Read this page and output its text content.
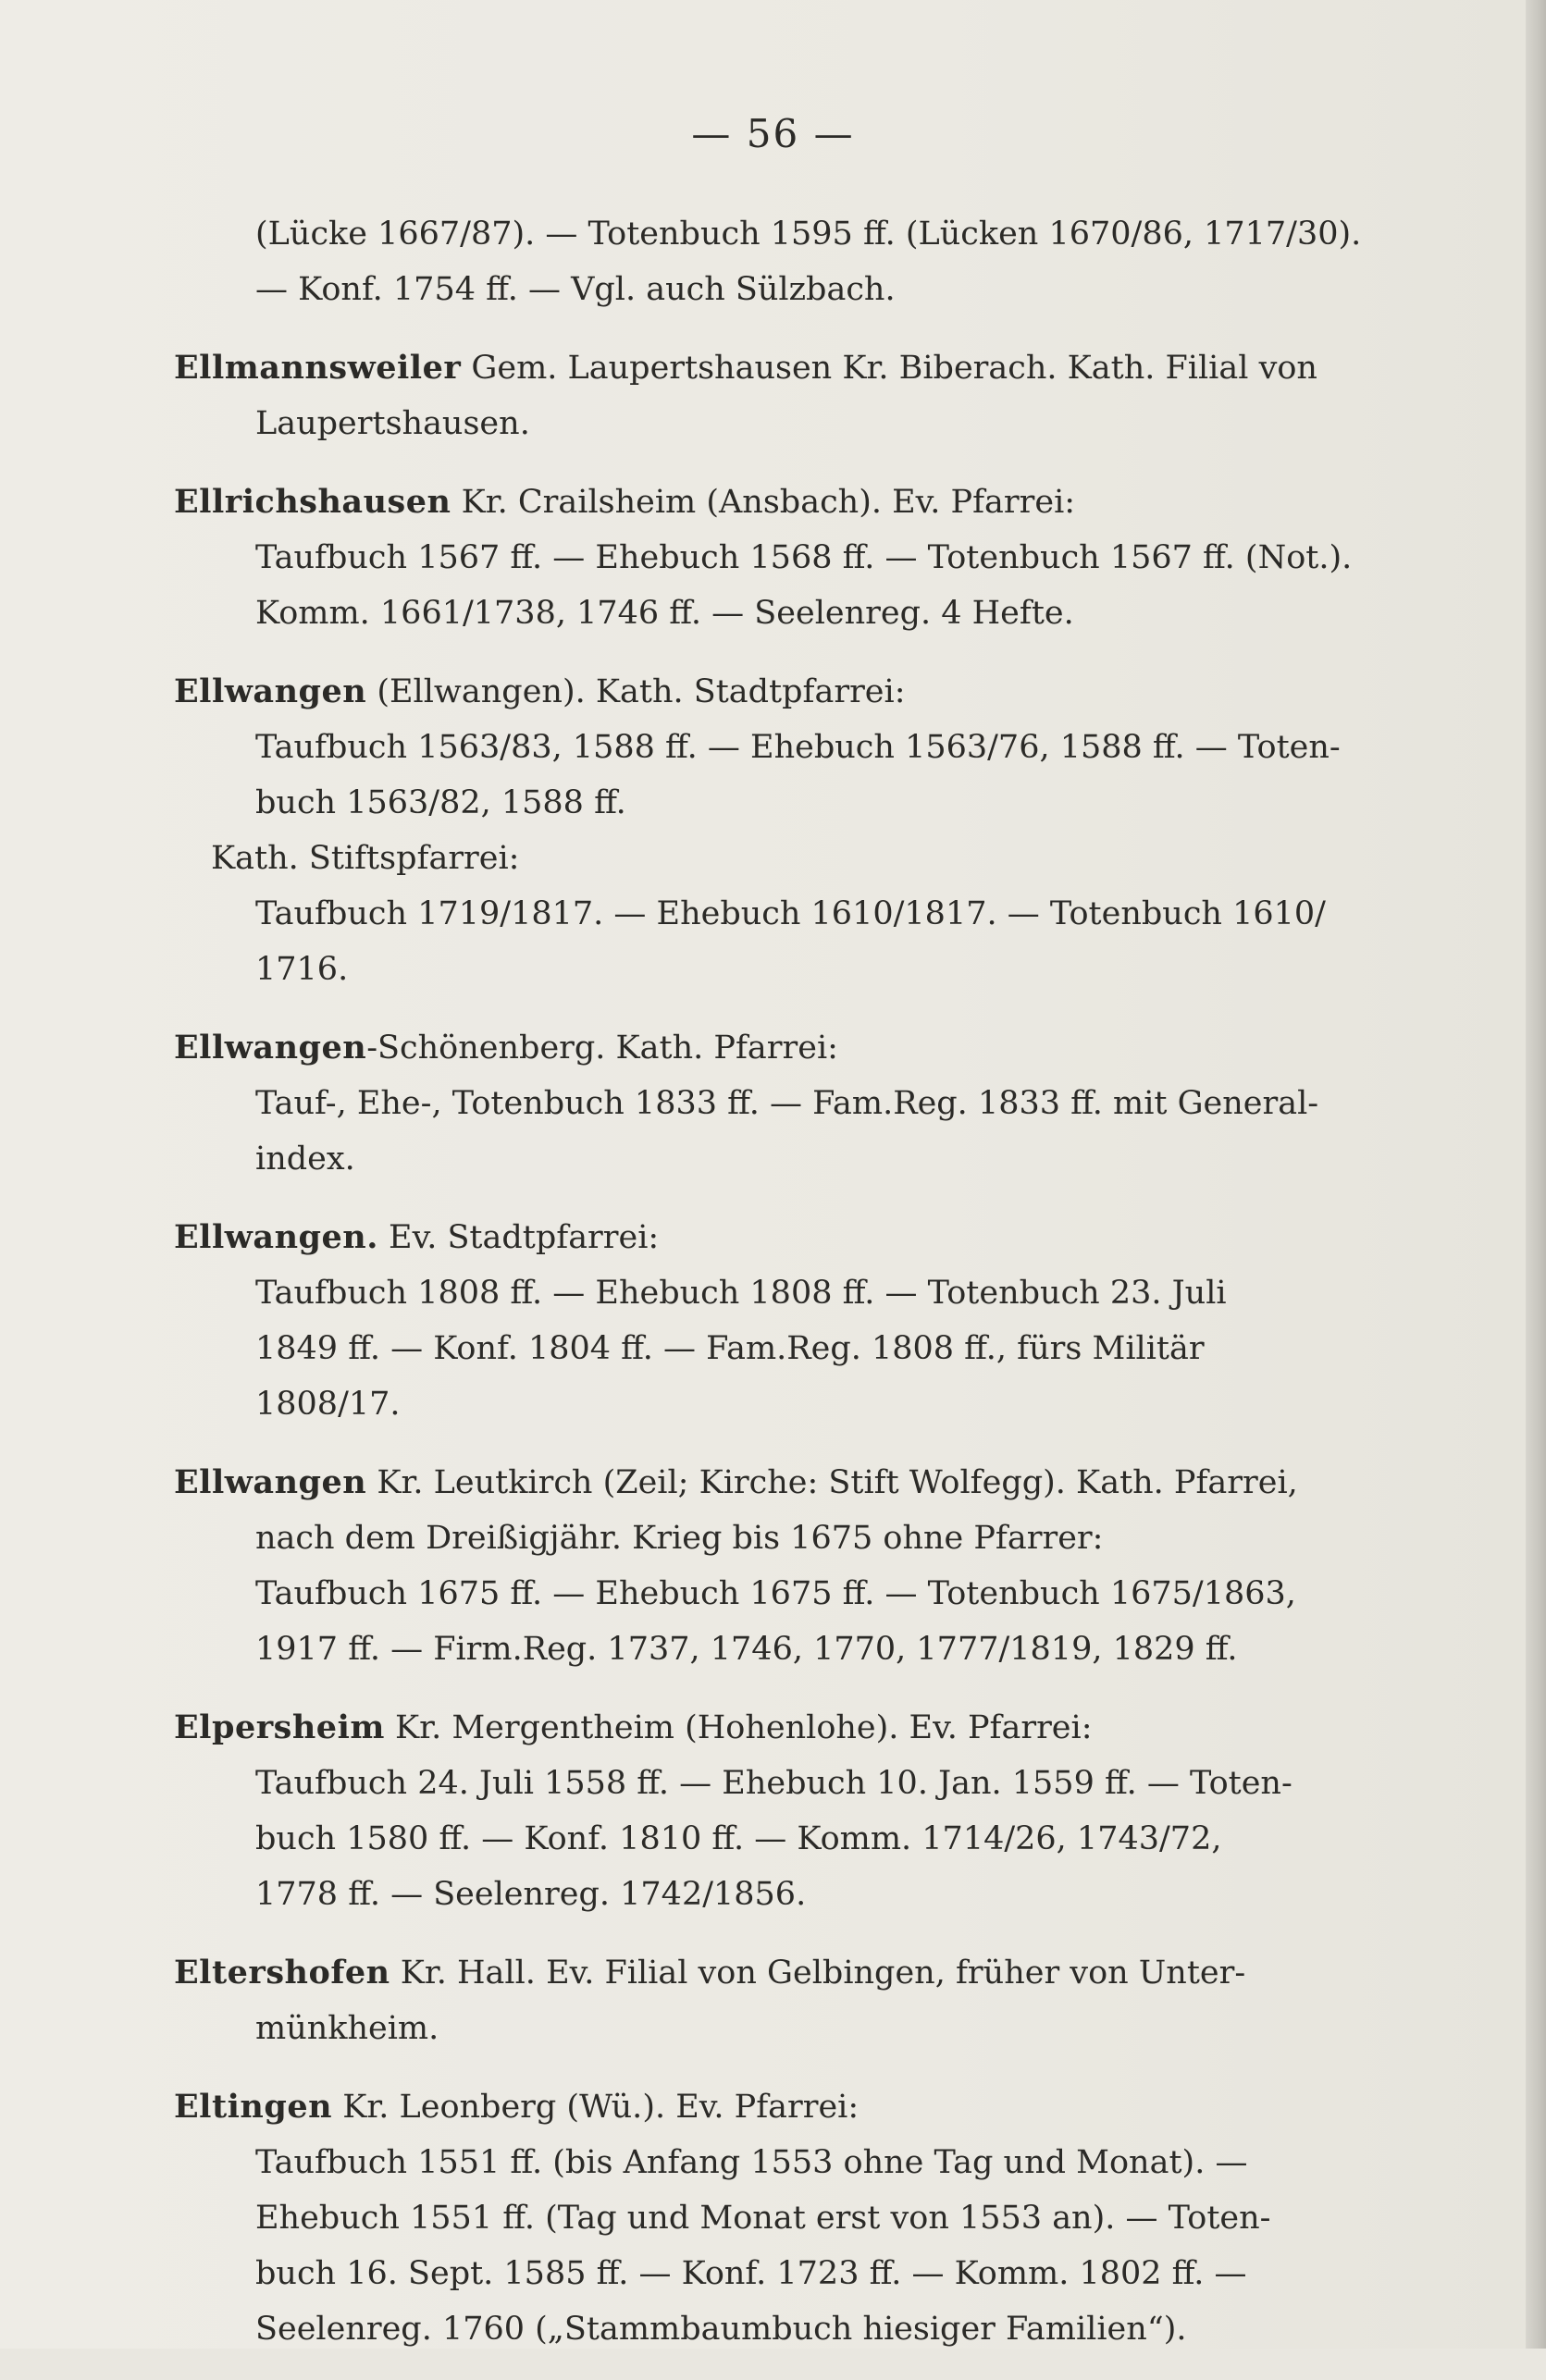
— 56 —
(Lücke 1667/87). — Totenbuch 1595 ff. (Lücken 1670/86, 1717/30).
— Konf. 1754 ff. — Vgl. auch Sülzbach.
Ellmannsweiler Gem. Laupertshausen Kr. Biberach. Kath. Filial von
Laupertshausen.
Ellrichshausen Kr. Crailsheim (Ansbach). Ev. Pfarrei:
Taufbuch 1567 ff. — Ehebuch 1568 ff. — Totenbuch 1567 ff. (Not.).
Komm. 1661/1738, 1746 ff. — Seelenreg. 4 Hefte.
Ellwangen (Ellwangen). Kath. Stadtpfarrei:
Taufbuch 1563/83, 1588 ff. — Ehebuch 1563/76, 1588 ff. — Toten-
buch 1563/82, 1588 ff.
Kath. Stiftspfarrei:
Taufbuch 1719/1817. — Ehebuch 1610/1817. — Totenbuch 1610/
1716.
Ellwangen-Schönenberg. Kath. Pfarrei:
Tauf-, Ehe-, Totenbuch 1833 ff. — Fam.Reg. 1833 ff. mit General-
index.
Ellwangen. Ev. Stadtpfarrei:
Taufbuch 1808 ff. — Ehebuch 1808 ff. — Totenbuch 23. Juli
1849 ff. — Konf. 1804 ff. — Fam.Reg. 1808 ff., fürs Militär
1808/17.
Ellwangen Kr. Leutkirch (Zeil; Kirche: Stift Wolfegg). Kath. Pfarrei,
nach dem Dreißigjähr. Krieg bis 1675 ohne Pfarrer:
Taufbuch 1675 ff. — Ehebuch 1675 ff. — Totenbuch 1675/1863,
1917 ff. — Firm.Reg. 1737, 1746, 1770, 1777/1819, 1829 ff.
Elpersheim Kr. Mergentheim (Hohenlohe). Ev. Pfarrei:
Taufbuch 24. Juli 1558 ff. — Ehebuch 10. Jan. 1559 ff. — Toten-
buch 1580 ff. — Konf. 1810 ff. — Komm. 1714/26, 1743/72,
1778 ff. — Seelenreg. 1742/1856.
Eltershofen Kr. Hall. Ev. Filial von Gelbingen, früher von Unter-
münkheim.
Eltingen Kr. Leonberg (Wü.). Ev. Pfarrei:
Taufbuch 1551 ff. (bis Anfang 1553 ohne Tag und Monat). —
Ehebuch 1551 ff. (Tag und Monat erst von 1553 an). — Toten-
buch 16. Sept. 1585 ff. — Konf. 1723 ff. — Komm. 1802 ff. —
Seelenreg. 1760 („Stammbaumbuch hiesiger Familien“).
